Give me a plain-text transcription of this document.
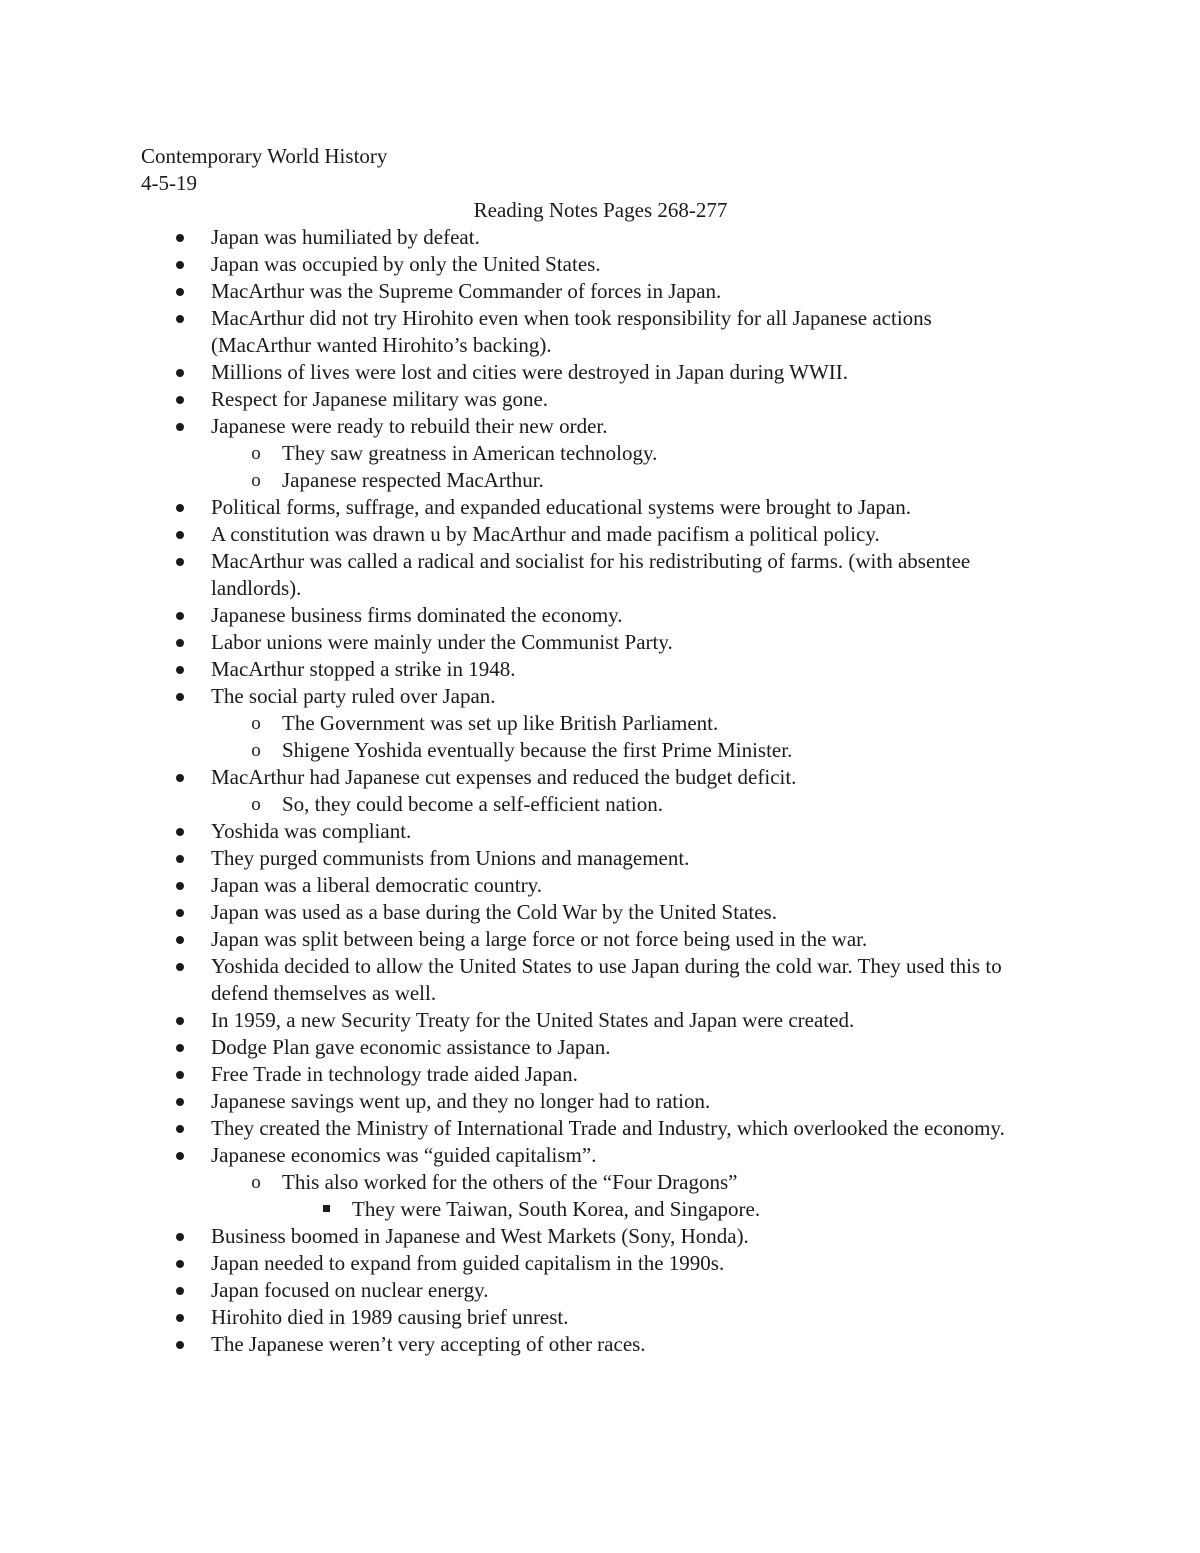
Contemporary World History
4-5-19
Reading Notes Pages 268-277
Japan was humiliated by defeat.
Japan was occupied by only the United States.
MacArthur was the Supreme Commander of forces in Japan.
MacArthur did not try Hirohito even when took responsibility for all Japanese actions (MacArthur wanted Hirohito’s backing).
Millions of lives were lost and cities were destroyed in Japan during WWII.
Respect for Japanese military was gone.
Japanese were ready to rebuild their new order.
o They saw greatness in American technology.
o Japanese respected MacArthur.
Political forms, suffrage, and expanded educational systems were brought to Japan.
A constitution was drawn u by MacArthur and made pacifism a political policy.
MacArthur was called a radical and socialist for his redistributing of farms. (with absentee landlords).
Japanese business firms dominated the economy.
Labor unions were mainly under the Communist Party.
MacArthur stopped a strike in 1948.
The social party ruled over Japan.
o The Government was set up like British Parliament.
o Shigene Yoshida eventually because the first Prime Minister.
MacArthur had Japanese cut expenses and reduced the budget deficit.
o So, they could become a self-efficient nation.
Yoshida was compliant.
They purged communists from Unions and management.
Japan was a liberal democratic country.
Japan was used as a base during the Cold War by the United States.
Japan was split between being a large force or not force being used in the war.
Yoshida decided to allow the United States to use Japan during the cold war. They used this to defend themselves as well.
In 1959, a new Security Treaty for the United States and Japan were created.
Dodge Plan gave economic assistance to Japan.
Free Trade in technology trade aided Japan.
Japanese savings went up, and they no longer had to ration.
They created the Ministry of International Trade and Industry, which overlooked the economy.
Japanese economics was “guided capitalism”.
o This also worked for the others of the “Four Dragons”
They were Taiwan, South Korea, and Singapore.
Business boomed in Japanese and West Markets (Sony, Honda).
Japan needed to expand from guided capitalism in the 1990s.
Japan focused on nuclear energy.
Hirohito died in 1989 causing brief unrest.
The Japanese weren’t very accepting of other races.
